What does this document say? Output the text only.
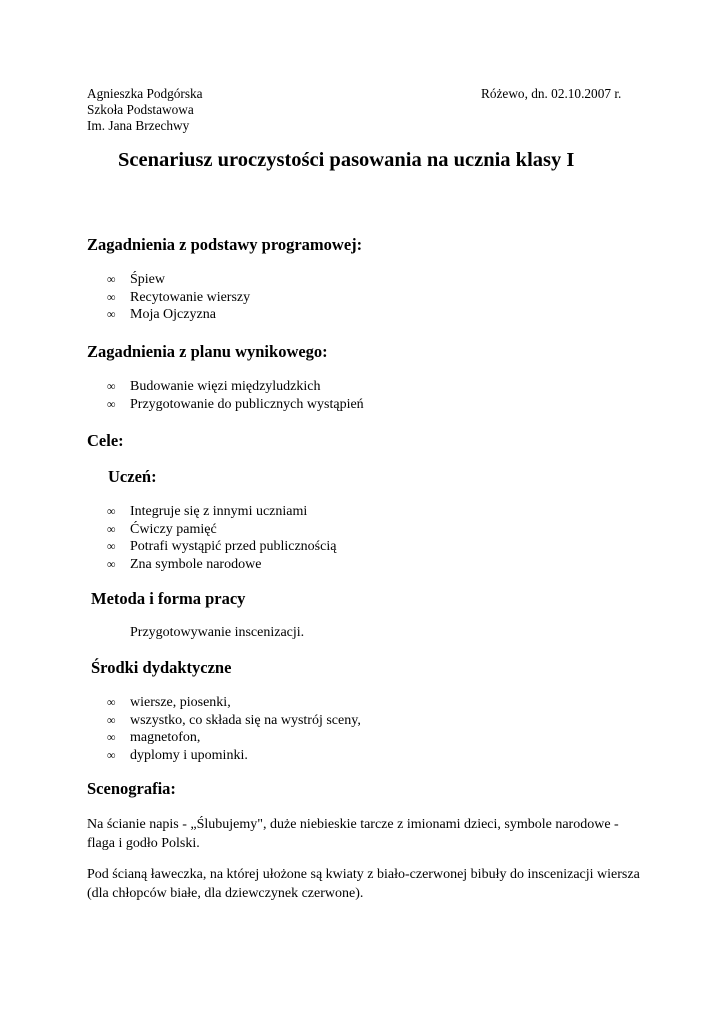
Agnieszka Podgórska
Szkoła Podstawowa
Im. Jana Brzechwy
Różewo, dn. 02.10.2007 r.
Scenariusz uroczystości pasowania na ucznia klasy I
Zagadnienia z podstawy programowej:
∞ Śpiew
∞ Recytowanie wierszy
∞ Moja Ojczyzna
Zagadnienia z planu wynikowego:
∞ Budowanie więzi międzyludzkich
∞ Przygotowanie do publicznych wystąpień
Cele:
Uczeń:
∞ Integruje się z innymi uczniami
∞ Ćwiczy pamięć
∞ Potrafi wystąpić przed publicznością
∞ Zna symbole narodowe
Metoda i forma pracy
Przygotowywanie inscenizacji.
Środki dydaktyczne
∞ wiersze, piosenki,
∞ wszystko, co składa się na wystrój sceny,
∞ magnetofon,
∞ dyplomy i upominki.
Scenografia:
Na ścianie napis - „Ślubujemy", duże niebieskie tarcze z imionami dzieci, symbole narodowe - flaga i godło Polski.
Pod ścianą ławeczka, na której ułożone są kwiaty z biało-czerwonej bibuły do inscenizacji wiersza (dla chłopców białe, dla dziewczynek czerwone).
